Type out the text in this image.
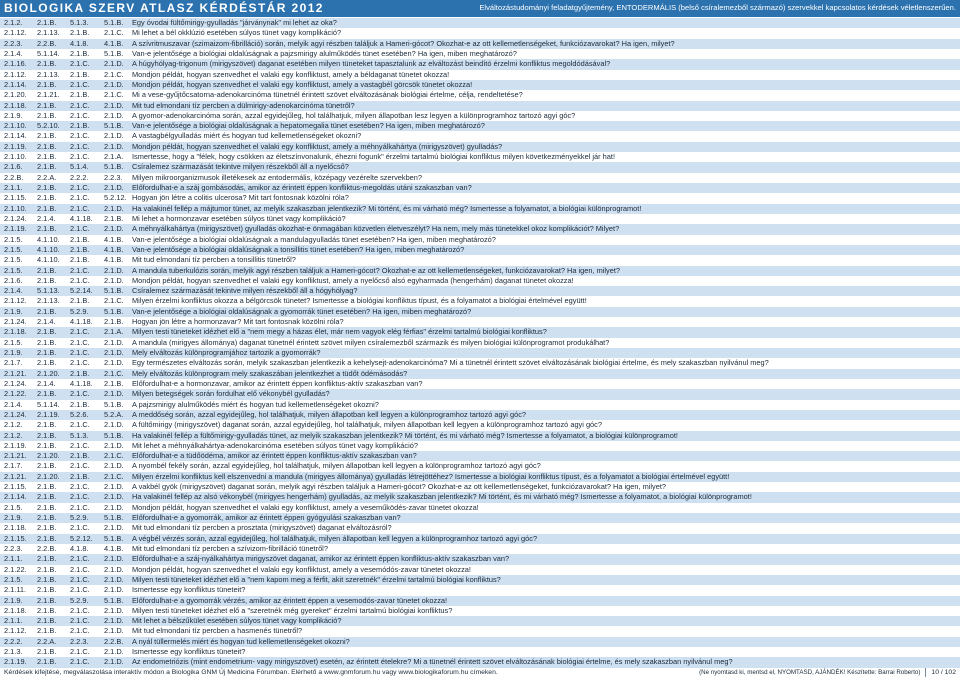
BIOLOGIKA SZERV ATLASZ KÉRDÉSTÁR 2012	Elváltozástudományi feladatgyűjtemény, ENTODERMÁLIS (belső csíralemezből származó) szervekkel kapcsolatos kérdések véletlenszerűen.
2.1.2.	2.1.B.	5.1.3.	5.1.B.	Egy óvodai fültőmirigy-gyulladás "járványnak" mi lehet az oka?
2.1.12.	2.1.13.	2.1.B.	2.1.C.	Mi lehet a bél okklúzió esetében súlyos tünet vagy komplikáció?
2.2.3.	2.2.B.	4.1.8.	4.1.B.	A szívritmuszavar (szimaizom-fibrilláció) során, melyik agyi részben találjuk a Hameri-gócot? Okozhat-e az ott kellemetlenségeket, funkciózavarokat? Ha igen, milyet?
2.1.4.	5.1.14.	2.1.B.	5.1.B.	Van-e jelentősége a biológiai oldalúságnak a pajzsmirigy alulműködés tünet esetében? Ha igen, miben meghatározó?
2.1.16.	2.1.B.	2.1.C.	2.1.D.	A húgyhólyag-trigonum (mirigyszövet) daganat esetében milyen tüneteket tapasztalunk az elváltozást beindító érzelmi konfliktus megoldódásával?
2.1.12.	2.1.13.	2.1.B.	2.1.C.	Mondjon példát, hogyan szenvedhet el valaki egy konfliktust, amely a béldaganat tünetet okozza!
2.1.14.	2.1.B.	2.1.C.	2.1.D.	Mondjon példát, hogyan szenvedhet el valaki egy konfliktust, amely a vastagbél görcsök tünetet okozza!
2.1.20.	2.1.21.	2.1.B.	2.1.C.	Mi a vese-gyűjtőcsatorna-adenokarcinóma tünetnél érintett szövet elváltozásának biológiai értelme, célja, rendeltetése?
2.1.18.	2.1.B.	2.1.C.	2.1.D.	Mit tud elmondani tíz percben a dülmirigy-adenokarcinóma tünetről?
2.1.9.	2.1.B.	2.1.C.	2.1.D.	A gyomor-adenokarcinóma során, azzal egyidejűleg, hol találhatjuk, milyen állapotban lesz legyen a különprogramhoz tartozó agyi góc?
2.1.10.	5.2.10.	2.1.B.	5.1.B.	Van-e jelentősége a biológiai oldalúságnak a hepatomegalia tünet esetében? Ha igen, miben meghatározó?
2.1.14.	2.1.B.	2.1.C.	2.1.D.	A vastagbélgyulladás miért és hogyan tud kellemetlenségeket okozni?
2.1.19.	2.1.B.	2.1.C.	2.1.D.	Mondjon példát, hogyan szenvedhet el valaki egy konfliktust, amely a méhnyálkahártya (mirigyszövet) gyulladás?
2.1.10.	2.1.B.	2.1.C.	2.1.A.	Ismertesse, hogy a "félek, hogy csökken az életszínvonalunk, éhezni fogunk" érzelmi tartalmú biológiai konfliktus milyen következményekkel jár hat!
2.1.6.	2.1.B.	5.1.4.	5.1.B.	Csíralemez származását tekintve milyen részekből áll a nyelőcső?
2.2.B.	2.2.A.	2.2.2.	2.2.3.	Milyen mikroorganizmusok illetékesek az entodermális, középagy vezérelte szervekben?
2.1.1.	2.1.B.	2.1.C.	2.1.D.	Előfordulhat-e a száj gombásodás, amikor az érintett éppen konfliktus-megoldás utáni szakaszban van?
2.1.15.	2.1.B.	2.1.C.	5.2.12. Hogyan jön létre a colitis ulcerosa? Mit tart fontosnak közölni róla?
2.1.10.	2.1.B.	2.1.C.	2.1.D.	Ha valakinél fellép a májtumor tünet, az melyik szakaszban jelentkezik? Mi történt, és mi várható még? Ismertesse a folyamatot, a biológiai különprogramot!
2.1.24.	2.1.4.	4.1.18.	2.1.B.	Mi lehet a hormonzavar esetében súlyos tünet vagy komplikáció?
2.1.19.	2.1.B.	2.1.C.	2.1.D.	A méhnyálkahártya (mirigyszövet) gyulladás okozhat-e önmagában közvetlen életveszélyt? Ha nem, mely más tünetekkel okoz komplikációt? Milyet?
2.1.5.	4.1.10.	2.1.B.	4.1.B.	Van-e jelentősége a biológiai oldalúságnak a mandulagyulladás tünet esetében? Ha igen, miben meghatározó?
2.1.5.	4.1.10.	2.1.B.	4.1.B.	Van-e jelentősége a biológiai oldalúságnak a tonsillitis tünet esetében? Ha igen, miben meghatározó?
2.1.5.	4.1.10.	2.1.B.	4.1.B.	Mit tud elmondani tíz percben a tonsillitis tünetről?
2.1.5.	2.1.B.	2.1.C.	2.1.D.	A mandula tuberkulózis során, melyik agyi részben találjuk a Hameri-gócot? Okozhat-e az ott kellemetlenségeket, funkciózavarokat? Ha igen, milyet?
2.1.6.	2.1.B.	2.1.C.	2.1.D.	Mondjon példát, hogyan szenvedhet el valaki egy konfliktust, amely a nyelőcső alsó egyharmada (hengerhám) daganat tünetet okozza!
2.1.4.	5.1.13.	5.2.14.	5.1.B.	Csíralemez származását tekintve milyen részekből áll a hógyhólyag?
2.1.12.	2.1.13.	2.1.B.	2.1.C.	Milyen érzelmi konfliktus okozza a bélgörcsök tünetet? Ismertesse a biológiai konfliktus típust, és a folyamatot a biológiai értelmével együtt!
2.1.9.	2.1.B.	5.2.9.	5.1.B.	Van-e jelentősége a biológiai oldalúságnak a gyomorrák tünet esetében? Ha igen, miben meghatározó?
2.1.24.	2.1.4.	4.1.18.	2.1.B.	Hogyan jön létre a hormonzavar? Mit tart fontosnak közölni róla?
2.1.18.	2.1.B.	2.1.C.	2.1.A.	Milyen testi tüneteket idézhet elő a "nem megy a házas élet, már nem vagyok elég férfias" érzelmi tartalmú biológiai konfliktus?
2.1.5.	2.1.B.	2.1.C.	2.1.D.	A mandula (mirigyes állománya) daganat tünetnél érintett szövet milyen csíralemezből származik és milyen biológiai különprogramot produkálhat?
2.1.9.	2.1.B.	2.1.C.	2.1.D.	Mely elváltozás különprogramjához tartozik a gyomorrák?
2.1.7.	2.1.B.	2.1.C.	2.1.D.	Egy természetes elváltozás során, melyik szakaszban jelentkezik a kehelysejt-adenokarcinóma? Mi a tünetnél érintett szövet elváltozásának biológiai értelme, és mely szakaszban nyilvánul meg?
2.1.21.	2.1.20.	2.1.B.	2.1.C.	Mely elváltozás különprogram mely szakaszában jelentkezhet a tüdőt ödémásodás?
2.1.24.	2.1.4.	4.1.18.	2.1.B.	Előfordulhat-e a hormonzavar, amikor az érintett éppen konfliktus-aktív szakaszban van?
2.1.22.	2.1.B.	2.1.C.	2.1.D.	Milyen betegségek során fordulhat elő vékonybél gyulladás?
2.1.4.	5.1.14.	2.1.B.	5.1.B.	A pajzsmirigy alulműködés miért és hogyan tud kellemetlenségeket okozni?
2.1.24.	2.1.19.	5.2.6.	5.2.A.	A meddőség során, azzal egyidejűleg, hol találhatjuk, milyen állapotban kell legyen a különprogramhoz tartozó agyi góc?
2.1.2.	2.1.B.	2.1.C.	2.1.D.	A fültőmirigy (mirigyszövet) daganat során, azzal egyidejűleg, hol találhatjuk, milyen állapotban kell legyen a különprogramhoz tartozó agyi góc?
2.1.2.	2.1.B.	5.1.3.	5.1.B.	Ha valakinél fellép a fültőmirigy-gyulladás tünet, az melyik szakaszban jelentkezik? Mi történt, és mi várható még? Ismertesse a folyamatot, a biológiai különprogramot!
2.1.19.	2.1.B.	2.1.C.	2.1.D.	Mit lehet a méhnyálkahártya-adenokarcinóma esetében súlyos tünet vagy komplikáció?
2.1.21.	2.1.20.	2.1.B.	2.1.C.	Előfordulhat-e a tüdőödéma, amikor az érintett éppen konfliktus-aktív szakaszban van?
2.1.7.	2.1.B.	2.1.C.	2.1.D.	A nyombél fekély során, azzal egyidejűleg, hol találhatjuk, milyen állapotban kell legyen a különprogramhoz tartozó agyi góc?
2.1.21.	2.1.20.	2.1.B.	2.1.C.	Milyen érzelmi konfliktus kell elszenvedni a mandula (mirigyes állománya) gyulladás létrejöttéhez? Ismertesse a biológiai konfliktus típust, és a folyamatot a biológiai értelmével együtt!
2.1.15.	2.1.B.	2.1.C.	2.1.D.	A vakbél gyök (mirigyszövet) daganat során, melyik agyi részben találjuk a Hameri-gócot? Okozhat-e az ott kellemetlenségeket, funkciózavarokat? Ha igen, milyet?
2.1.14.	2.1.B.	2.1.C.	2.1.D.	Ha valakinél fellép az alsó vékonybél (mirigyes hengerhám) gyulladás, az melyik szakaszban jelentkezik? Mi történt, és mi várható még? Ismertesse a folyamatot, a biológiai különprogramot!
2.1.5.	2.1.B.	2.1.C.	2.1.D.	Mondjon példát, hogyan szenvedhet el valaki egy konfliktust, amely a veseműködés-zavar tünetet okozza!
2.1.9.	2.1.B.	5.2.9.	5.1.B.	Előfordulhat-e a gyomorrák, amikor az érintett éppen gyógyulási szakaszban van?
2.1.18.	2.1.B.	2.1.C.	2.1.D.	Mit tud elmondani tíz percben a prosztata (mirigyszövet) daganat elváltozásról?
2.1.15.	2.1.B.	5.2.12.	5.1.B.	A végbél vérzés során, azzal egyidejűleg, hol találhatjuk, milyen állapotban kell legyen a különprogramhoz tartozó agyi góc?
2.2.3.	2.2.B.	4.1.8.	4.1.B.	Mit tud elmondani tíz percben a szívizom-fibrilláció tünetről?
2.1.1.	2.1.B.	2.1.C.	2.1.D.	Előfordulhat-e a száj-nyálkahártya mirigyszövet daganat, amikor az érintett éppen konfliktus-aktív szakaszban van?
2.1.22.	2.1.B.	2.1.C.	2.1.D.	Mondjon példát, hogyan szenvedhet el valaki egy konfliktust, amely a vesemódós-zavar tünetet okozza!
2.1.5.	2.1.B.	2.1.C.	2.1.D.	Milyen testi tüneteket idézhet elő a "nem kapom meg a férfit, akit szeretnék" érzelmi tartalmú biológiai konfliktus?
2.1.11.	2.1.B.	2.1.C.	2.1.D.	Ismertesse egy konfliktus tüneteit?
2.1.9.	2.1.B.	5.2.9.	5.1.B.	Előfordulhat-e a gyomorrák vérzés, amikor az érintett éppen a vesemodós-zavar tünetet okozza!
2.1.18.	2.1.B.	2.1.C.	2.1.D.	Milyen testi tüneteket idézhet elő a "szeretnék még gyereket" érzelmi tartalmú biológiai konfliktus?
2.1.1.	2.1.B.	2.1.C.	2.1.D.	Mit lehet a bélszűkület esetében súlyos tünet vagy komplikáció?
2.1.12.	2.1.B.	2.1.C.	2.1.D.	Mit tud elmondani tíz percben a hasmenés tünetről?
2.2.2.	2.2.A.	2.2.3.	2.2.B.	A nyál tüllermelés miért és hogyan tud kellemetlenségeket okozni?
2.1.3.	2.1.B.	2.1.C.	2.1.D.	Ismertesse egy konfliktus tüneteit?
2.1.19.	2.1.B.	2.1.C.	2.1.D.	Az endometriózis (mint endometrium- vagy mirigyszövet) esetén, az érintett ételekre? Mi a tünetnél érintett szövet elváltozásának biológiai értelme, és mely szakaszban nyilvánul meg?
Kérdések kifejtése, megválaszolása interaktív módon a Biologika GNM Új Medicina Fórumban. Elérhető a www.gnmforum.hu vagy www.biologikaforum.hu címeken.	(Ne nyomtasd ki, mentsd el, NYOMTASD, AJÁNDÉK! Készítette: Barrai Roberto) 10 / 102
